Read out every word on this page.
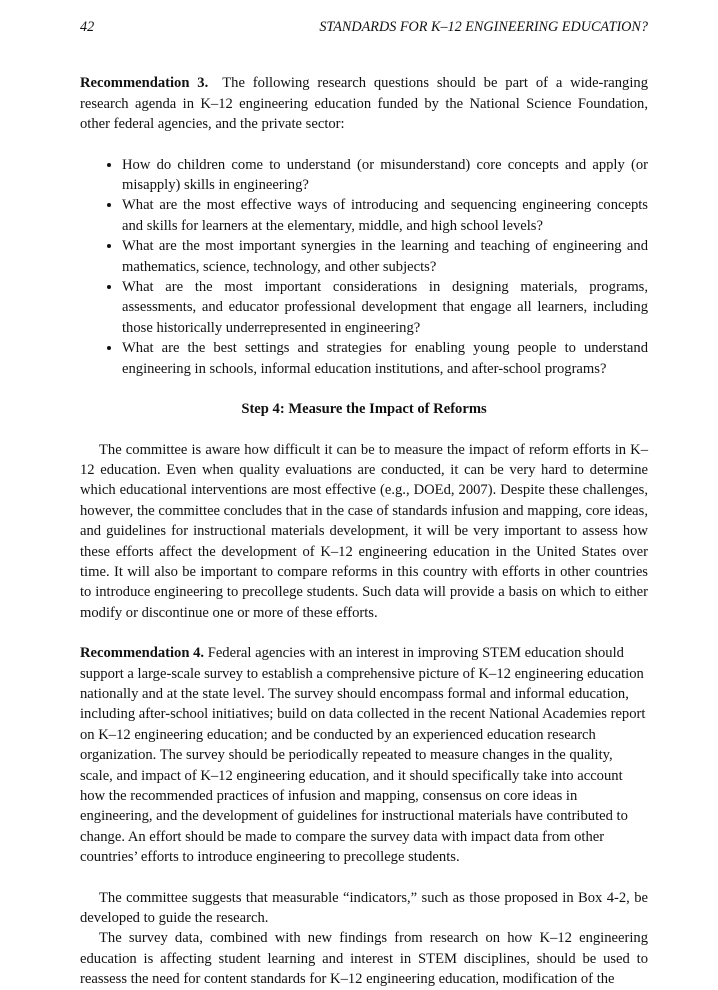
42	STANDARDS FOR K–12 ENGINEERING EDUCATION?

Recommendation 3. The following research questions should be part of a wide-ranging research agenda in K–12 engineering education funded by the National Science Foundation, other federal agencies, and the private sector:

• How do children come to understand (or misunderstand) core concepts and apply (or misapply) skills in engineering?
• What are the most effective ways of introducing and sequencing engineering concepts and skills for learners at the elementary, middle, and high school levels?
• What are the most important synergies in the learning and teaching of engineering and mathematics, science, technology, and other subjects?
• What are the most important considerations in designing materials, programs, assessments, and educator professional development that engage all learners, including those historically underrepresented in engineering?
• What are the best settings and strategies for enabling young people to understand engineering in schools, informal education institutions, and after-school programs?
Step 4: Measure the Impact of Reforms

The committee is aware how difficult it can be to measure the impact of reform efforts in K–12 education. Even when quality evaluations are conducted, it can be very hard to determine which educational interventions are most effective (e.g., DOEd, 2007). Despite these challenges, however, the committee concludes that in the case of standards infusion and mapping, core ideas, and guidelines for instructional materials development, it will be very important to assess how these efforts affect the development of K–12 engineering education in the United States over time. It will also be important to compare reforms in this country with efforts in other countries to introduce engineering to precollege students. Such data will provide a basis on which to either modify or discontinue one or more of these efforts.

Recommendation 4. Federal agencies with an interest in improving STEM education should support a large-scale survey to establish a comprehensive picture of K–12 engineering education nationally and at the state level. The survey should encompass formal and informal education, including after-school initiatives; build on data collected in the recent National Academies report on K–12 engineering education; and be conducted by an experienced education research organization. The survey should be periodically repeated to measure changes in the quality, scale, and impact of K–12 engineering education, and it should specifically take into account how the recommended practices of infusion and mapping, consensus on core ideas in engineering, and the development of guidelines for instructional materials have contributed to change. An effort should be made to compare the survey data with impact data from other countries’ efforts to introduce engineering to precollege students.

The committee suggests that measurable “indicators,” such as those proposed in Box 4-2, be developed to guide the research.

The survey data, combined with new findings from research on how K–12 engineering education is affecting student learning and interest in STEM disciplines, should be used to reassess the need for content standards for K–12 engineering education, modification of the
